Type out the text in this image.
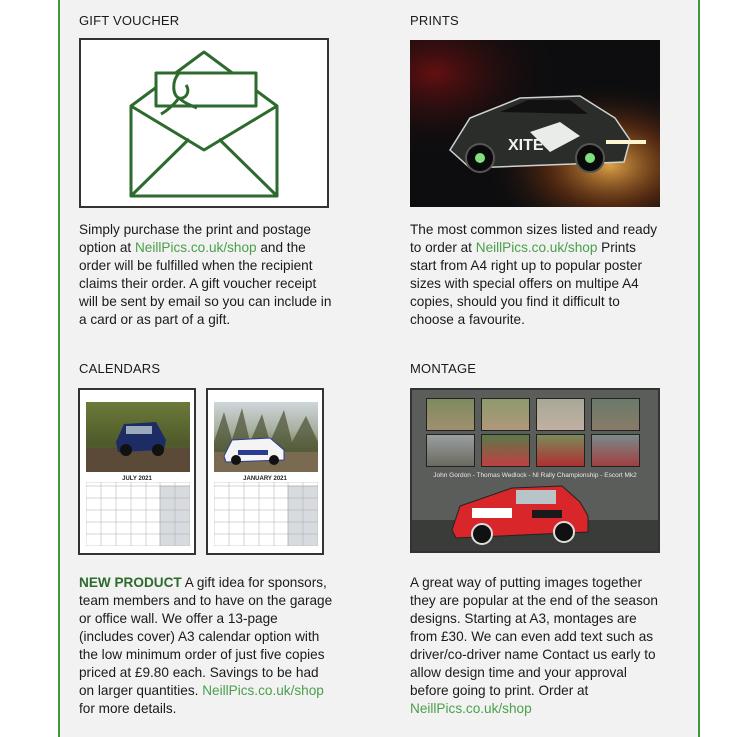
GIFT VOUCHER

Simply purchase the print and postage option at NeillPics.co.uk/shop and the order will be fulfilled when the recipient claims their order. A gift voucher receipt will be sent by email so you can include in a card or as part of a gift.

PRINTS

XITE
The most common sizes listed and ready to order at NeillPics.co.uk/shop Prints start from A4 right up to popular poster sizes with special offers on multipe A4 copies, should you find it difficult to choose a favourite.

CALENDARS

JULY 2021	JANUARY 2021
NEW PRODUCT A gift idea for sponsors, team members and to have on the garage or office wall. We offer a 13-page (includes cover) A3 calendar option with the low minimum order of just five copies priced at £9.80 each. Savings to be had on larger quantities. NeillPics.co.uk/shop for more details.

MONTAGE

John Gordon - Thomas Wedlock - NI Rally Championship - Escort Mk2
A great way of putting images together they are popular at the end of the season designs. Starting at A3, montages are from £30. We can even add text such as driver/co-driver name Contact us early to allow design time and your approval before going to print. Order at NeillPics.co.uk/shop
